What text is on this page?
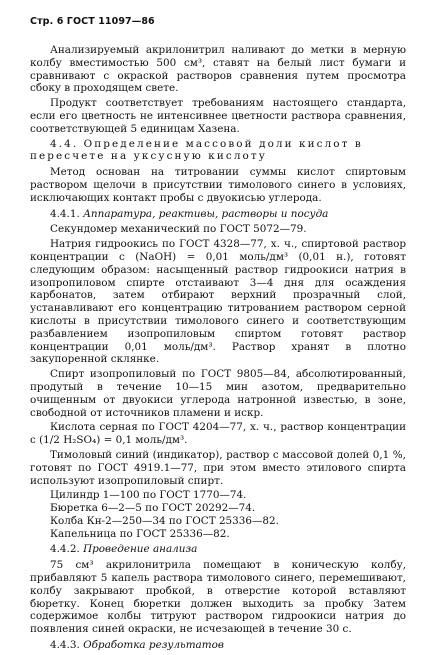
Стр. 6 ГОСТ 11097—86

Анализируемый акрилонитрил наливают до метки в мерную колбу вместимостью 500 см³, ставят на белый лист бумаги и сравнивают с окраской растворов сравнения путем просмотра сбоку в проходящем свете.

Продукт соответствует требованиям настоящего стандарта, если его цветность не интенсивнее цветности раствора сравнения, соответствующей 5 единицам Хазена.

4.4. Определение массовой доли кислот в пересчете на уксусную кислоту

Метод основан на титровании суммы кислот спиртовым раствором щелочи в присутствии тимолового синего в условиях, исключающих контакт пробы с двуокисью углерода.

4.4.1. Аппаратура, реактивы, растворы и посуда

Секундомер механический по ГОСТ 5072—79.

Натрия гидроокись по ГОСТ 4328—77, х. ч., спиртовой раствор концентрации с (NaOH) = 0,01 моль/дм³ (0,01 н.), готовят следующим образом: насыщенный раствор гидроокиси натрия в изопропиловом спирте отстаивают 3—4 дня для осаждения карбонатов, затем отбирают верхний прозрачный слой, устанавливают его концентрацию титрованием раствором серной кислоты в присутствии тимолового синего и соответствующим разбавлением изопропиловым спиртом готовят раствор концентрации 0,01 моль/дм³. Раствор хранят в плотно закупоренной склянке.

Спирт изопропиловый по ГОСТ 9805—84, абсолютированный, продутый в течение 10—15 мин азотом, предварительно очищенным от двуокиси углерода натронной известью, в зоне, свободной от источников пламени и искр.

Кислота серная по ГОСТ 4204—77, х. ч., раствор концентрации с (1/2 H₂SO₄) = 0,1 моль/дм³.

Тимоловый синий (индикатор), раствор с массовой долей 0,1 %, готовят по ГОСТ 4919.1—77, при этом вместо этилового спирта используют изопропиловый спирт.

Цилиндр 1—100 по ГОСТ 1770—74.
Бюретка 6—2—5 по ГОСТ 20292—74.
Колба Кн-2—250—34 по ГОСТ 25336—82.
Капельница по ГОСТ 25336—82.

4.4.2. Проведение анализа

75 см³ акрилонитрила помещают в коническую колбу, прибавляют 5 капель раствора тимолового синего, перемешивают, колбу закрывают пробкой, в отверстие которой вставляют бюретку. Конец бюретки должен выходить за пробку Затем содержимое колбы титруют раствором гидроокиси натрия до появления синей окраски, не исчезающей в течение 30 с.

4.4.3. Обработка результатов
